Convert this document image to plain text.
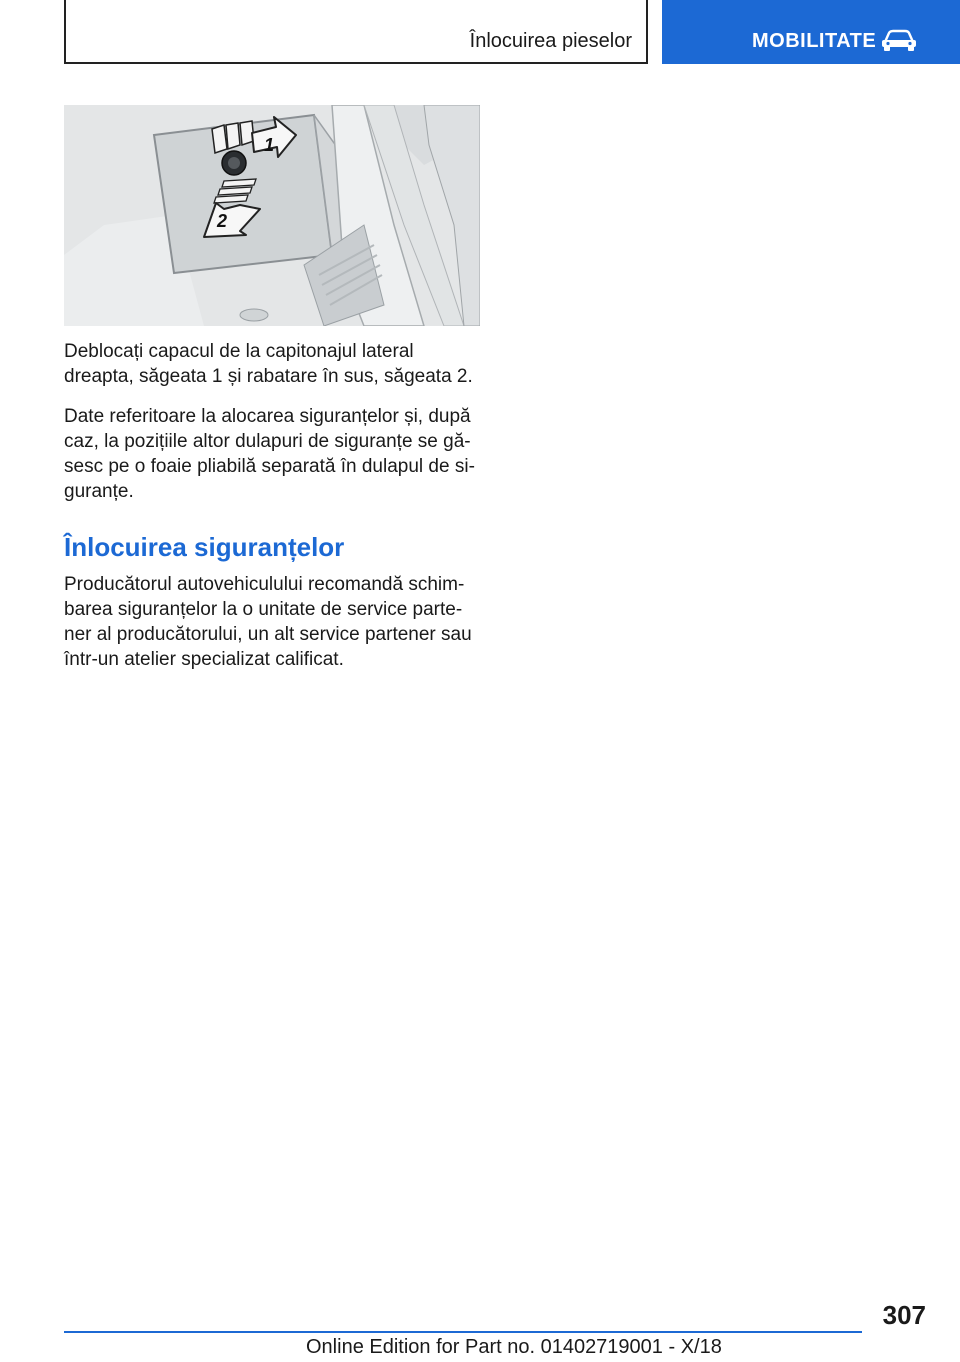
Înlocuirea pieselor	MOBILITATE
1
2

Deblocați capacul de la capitonajul lateral dreapta, săgeata 1 și rabatare în sus, săgeata 2.

Date referitoare la alocarea siguranțelor și, după caz, la pozițiile altor dulapuri de siguranțe se găsesc pe o foaie pliabilă separată în dulapul de siguranțe.

Înlocuirea siguranțelor

Producătorul autovehiculului recomandă schimbarea siguranțelor la o unitate de service partener al producătorului, un alt service partener sau într-un atelier specializat calificat.

307
Online Edition for Part no. 01402719001 - X/18
